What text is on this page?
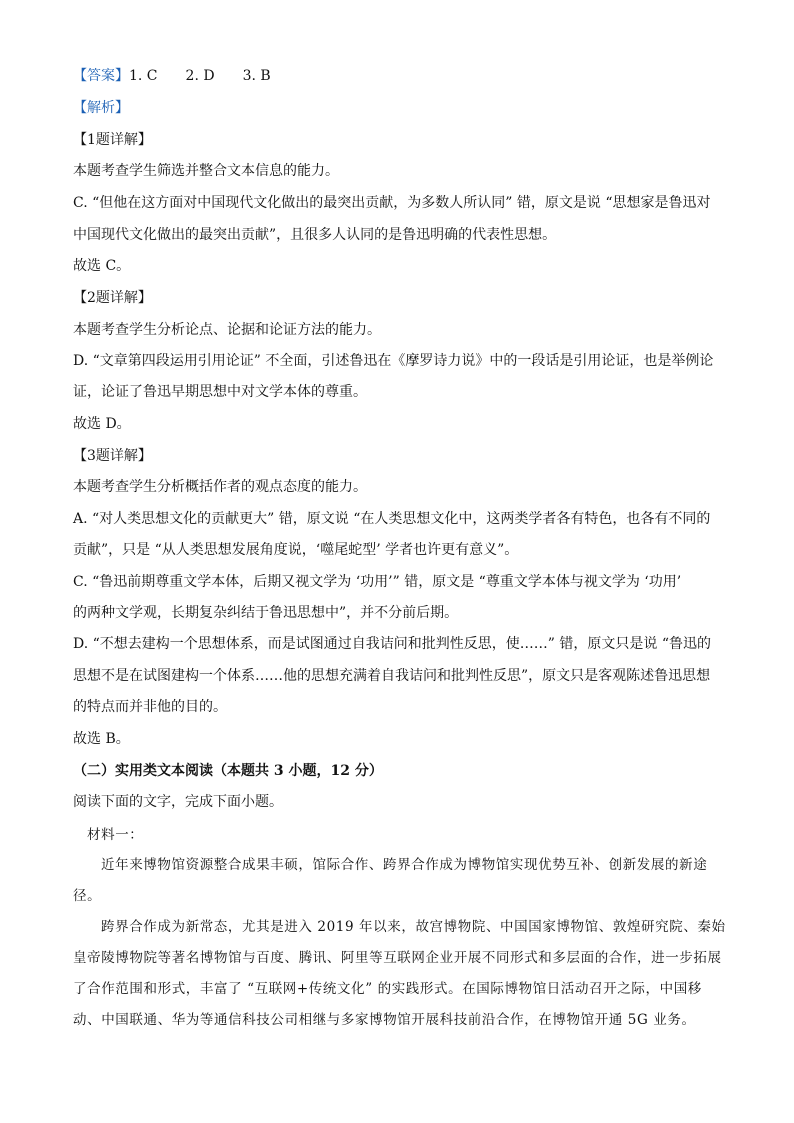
【答案】1. C 2. D 3. B
【解析】
【1题详解】
本题考查学生筛选并整合文本信息的能力。
C. “但他在这方面对中国现代文化做出的最突出贡献，为多数人所认同” 错，原文是说 “思想家是鲁迅对
中国现代文化做出的最突出贡献”，且很多人认同的是鲁迅明确的代表性思想。
故选 C。
【2题详解】
本题考查学生分析论点、论据和论证方法的能力。
D. “文章第四段运用引用论证” 不全面，引述鲁迅在《摩罗诗力说》中的一段话是引用论证，也是举例论
证，论证了鲁迅早期思想中对文学本体的尊重。
故选 D。
【3题详解】
本题考查学生分析概括作者的观点态度的能力。
A. “对人类思想文化的贡献更大” 错，原文说 “在人类思想文化中，这两类学者各有特色，也各有不同的
贡献”，只是 “从人类思想发展角度说，‘噬尾蛇型’ 学者也许更有意义”。
C. “鲁迅前期尊重文学本体，后期又视文学为 ‘功用’” 错，原文是 “尊重文学本体与视文学为 ‘功用’
的两种文学观，长期复杂纠结于鲁迅思想中”，并不分前后期。
D. “不想去建构一个思想体系，而是试图通过自我诘问和批判性反思，使……” 错，原文只是说 “鲁迅的
思想不是在试图建构一个体系……他的思想充满着自我诘问和批判性反思”，原文只是客观陈述鲁迅思想
的特点而并非他的目的。
故选 B。
（二）实用类文本阅读（本题共 3 小题，12 分）
阅读下面的文字，完成下面小题。
材料一：
近年来博物馆资源整合成果丰硕，馆际合作、跨界合作成为博物馆实现优势互补、创新发展的新途
径。
跨界合作成为新常态，尤其是进入 2019 年以来，故宫博物院、中国国家博物馆、敦煌研究院、秦始
皇帝陵博物院等著名博物馆与百度、腾讯、阿里等互联网企业开展不同形式和多层面的合作，进一步拓展
了合作范围和形式，丰富了 “互联网+传统文化” 的实践形式。在国际博物馆日活动召开之际，中国移
动、中国联通、华为等通信科技公司相继与多家博物馆开展科技前沿合作，在博物馆开通 5G 业务。
